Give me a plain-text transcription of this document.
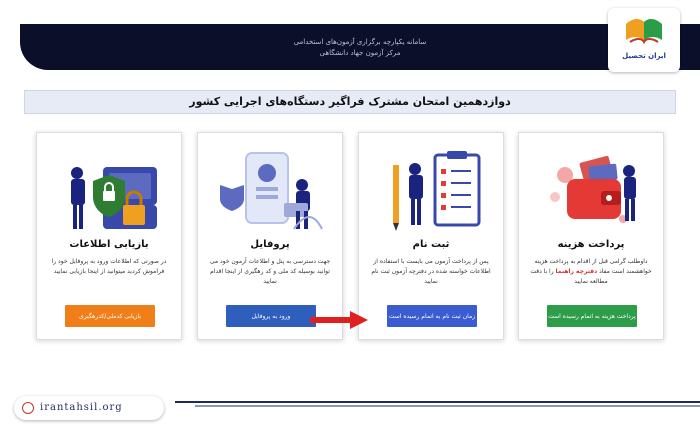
سامانه یکپارچه برگزاری آزمون‌های استخدامی
مرکز آزمون جهاد دانشگاهی	ایران تحصیل
دوازدهمین امتحان مشترک فراگیر دستگاه‌های اجرایی کشور
پرداخت هزینه
داوطلب گرامی قبل از اقدام به پرداخت هزینه خواهشمند است مفاد دفترچه راهنما را با دقت مطالعه نمایید
پرداخت هزینه به اتمام رسیده است
ثبت نام
پس از پرداخت آزمون می بایست با استفاده از اطلاعات خواسته شده در دفترچه آزمون ثبت نام نمایید
زمان ثبت نام به اتمام رسیده است
پروفایل
جهت دسترسی به پنل و اطلاعات آزمون خود می توانید بوسیله کد ملی و کد رهگیری از اینجا اقدام نمایید
ورود به پروفایل
بازیابی اطلاعات
در صورتی که اطلاعات ورود به پروفایل خود را فراموش کردید میتوانید از اینجا بازیابی نمایید
بازیابی کدملی/کدرهگیری
irantahsil.org
